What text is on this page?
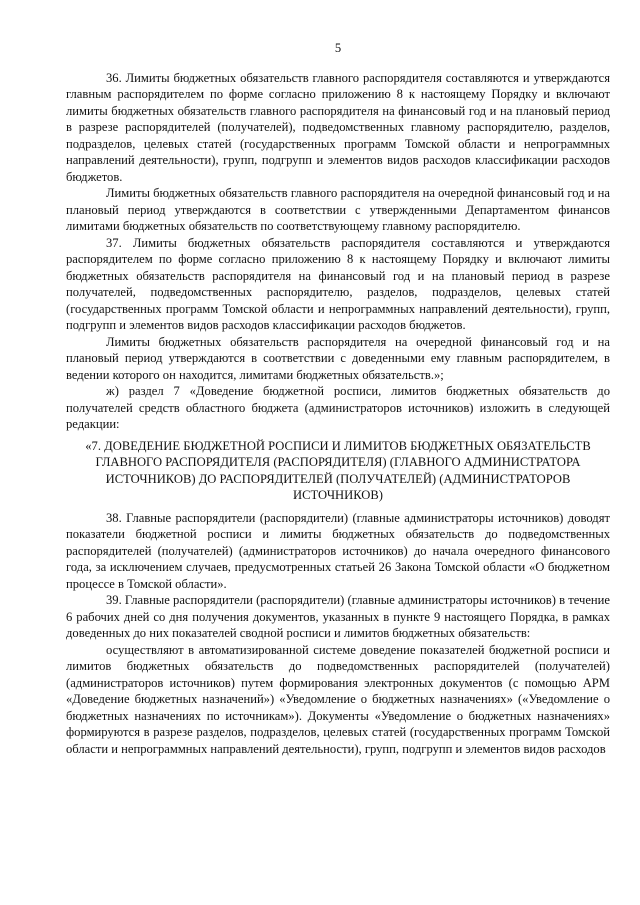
5

36. Лимиты бюджетных обязательств главного распорядителя составляются и утверждаются главным распорядителем по форме согласно приложению 8 к настоящему Порядку и включают лимиты бюджетных обязательств главного распорядителя на финансовый год и на плановый период в разрезе распорядителей (получателей), подведомственных главному распорядителю, разделов, подразделов, целевых статей (государственных программ Томской области и непрограммных направлений деятельности), групп, подгрупп и элементов видов расходов классификации расходов бюджетов.

Лимиты бюджетных обязательств главного распорядителя на очередной финансовый год и на плановый период утверждаются в соответствии с утвержденными Департаментом финансов лимитами бюджетных обязательств по соответствующему главному распорядителю.

37. Лимиты бюджетных обязательств распорядителя составляются и утверждаются распорядителем по форме согласно приложению 8 к настоящему Порядку и включают лимиты бюджетных обязательств распорядителя на финансовый год и на плановый период в разрезе получателей, подведомственных распорядителю, разделов, подразделов, целевых статей (государственных программ Томской области и непрограммных направлений деятельности), групп, подгрупп и элементов видов расходов классификации расходов бюджетов.

Лимиты бюджетных обязательств распорядителя на очередной финансовый год и на плановый период утверждаются в соответствии с доведенными ему главным распорядителем, в ведении которого он находится, лимитами бюджетных обязательств.»;

ж) раздел 7 «Доведение бюджетной росписи, лимитов бюджетных обязательств до получателей средств областного бюджета (администраторов источников) изложить в следующей редакции:

«7. ДОВЕДЕНИЕ БЮДЖЕТНОЙ РОСПИСИ И ЛИМИТОВ БЮДЖЕТНЫХ ОБЯЗАТЕЛЬСТВ ГЛАВНОГО РАСПОРЯДИТЕЛЯ (РАСПОРЯДИТЕЛЯ) (ГЛАВНОГО АДМИНИСТРАТОРА ИСТОЧНИКОВ) ДО РАСПОРЯДИТЕЛЕЙ (ПОЛУЧАТЕЛЕЙ) (АДМИНИСТРАТОРОВ ИСТОЧНИКОВ)

38. Главные распорядители (распорядители) (главные администраторы источников) доводят показатели бюджетной росписи и лимиты бюджетных обязательств до подведомственных распорядителей (получателей) (администраторов источников) до начала очередного финансового года, за исключением случаев, предусмотренных статьей 26 Закона Томской области «О бюджетном процессе в Томской области».

39. Главные распорядители (распорядители) (главные администраторы источников) в течение 6 рабочих дней со дня получения документов, указанных в пункте 9 настоящего Порядка, в рамках доведенных до них показателей сводной росписи и лимитов бюджетных обязательств:

осуществляют в автоматизированной системе доведение показателей бюджетной росписи и лимитов бюджетных обязательств до подведомственных распорядителей (получателей) (администраторов источников) путем формирования электронных документов (с помощью АРМ «Доведение бюджетных назначений») «Уведомление о бюджетных назначениях» («Уведомление о бюджетных назначениях по источникам»). Документы «Уведомление о бюджетных назначениях» формируются в разрезе разделов, подразделов, целевых статей (государственных программ Томской области и непрограммных направлений деятельности), групп, подгрупп и элементов видов расходов
